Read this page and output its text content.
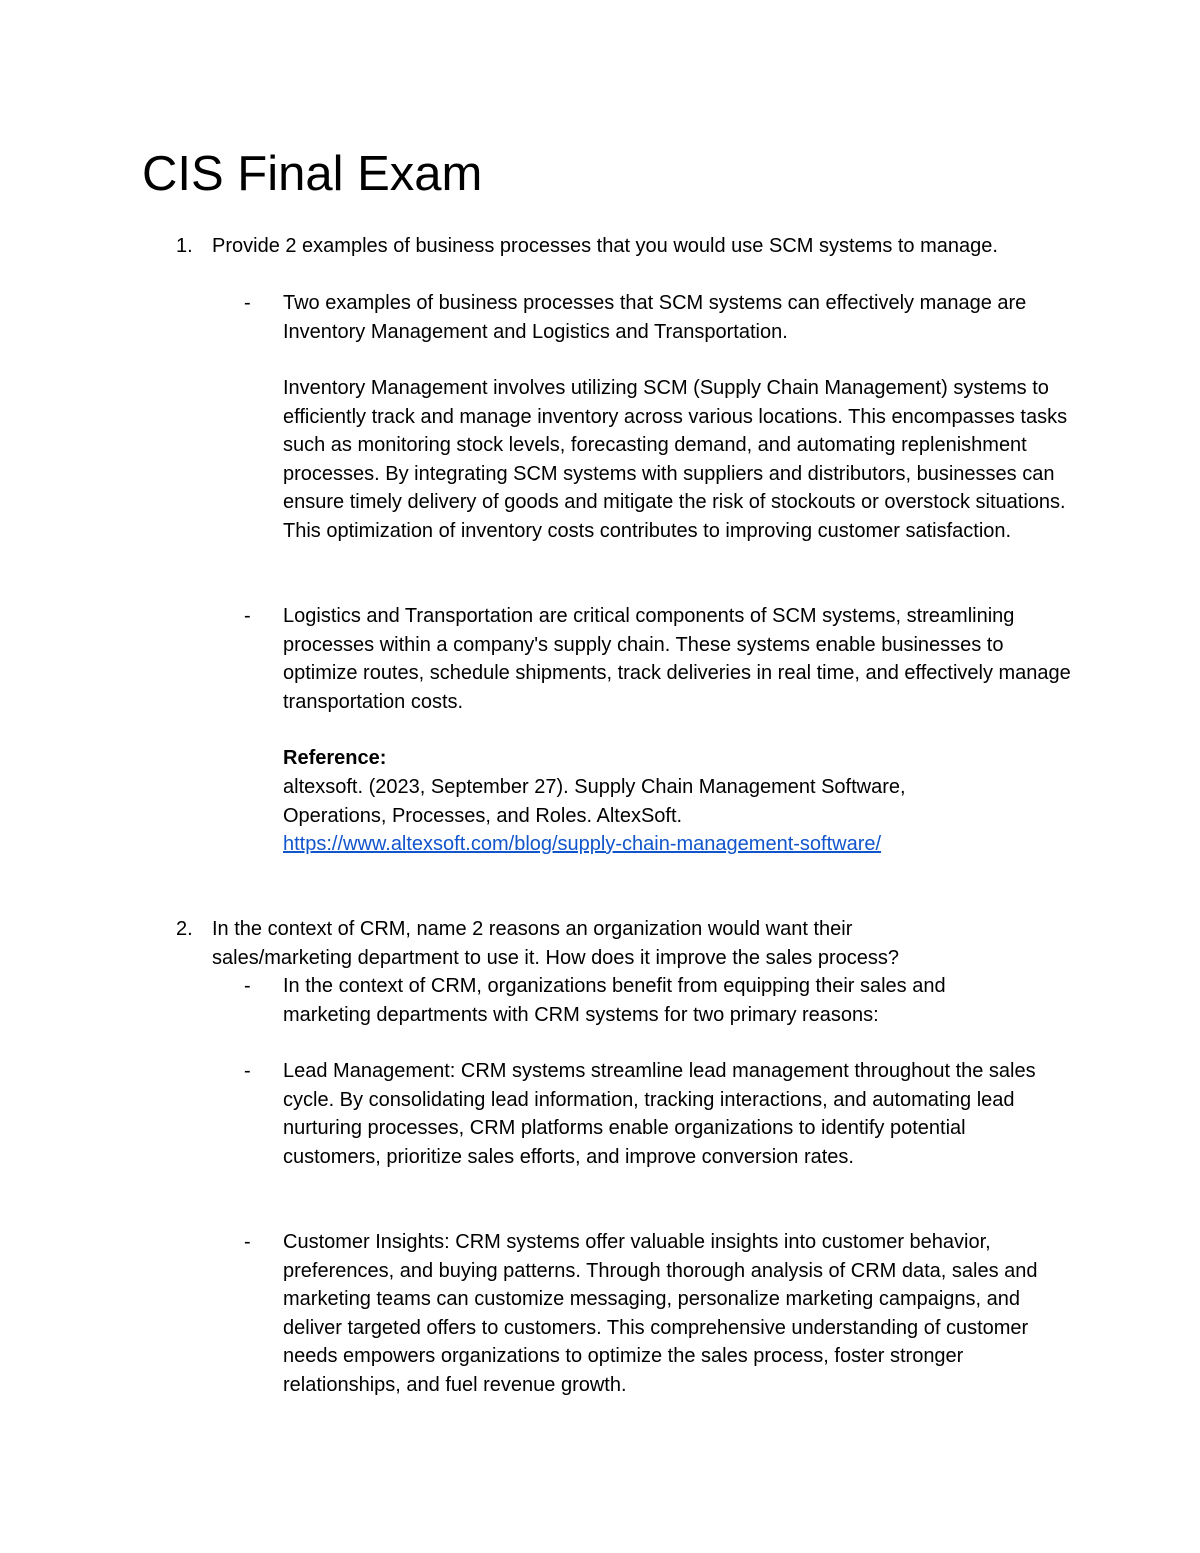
CIS Final Exam
1. Provide 2 examples of business processes that you would use SCM systems to manage.
- Two examples of business processes that SCM systems can effectively manage are Inventory Management and Logistics and Transportation.
Inventory Management involves utilizing SCM (Supply Chain Management) systems to efficiently track and manage inventory across various locations. This encompasses tasks such as monitoring stock levels, forecasting demand, and automating replenishment processes. By integrating SCM systems with suppliers and distributors, businesses can ensure timely delivery of goods and mitigate the risk of stockouts or overstock situations. This optimization of inventory costs contributes to improving customer satisfaction.
- Logistics and Transportation are critical components of SCM systems, streamlining processes within a company's supply chain. These systems enable businesses to optimize routes, schedule shipments, track deliveries in real time, and effectively manage transportation costs.
Reference:
altexsoft. (2023, September 27). Supply Chain Management Software, Operations, Processes, and Roles. AltexSoft.
https://www.altexsoft.com/blog/supply-chain-management-software/
2. In the context of CRM, name 2 reasons an organization would want their sales/marketing department to use it. How does it improve the sales process?
- In the context of CRM, organizations benefit from equipping their sales and marketing departments with CRM systems for two primary reasons:
- Lead Management: CRM systems streamline lead management throughout the sales cycle. By consolidating lead information, tracking interactions, and automating lead nurturing processes, CRM platforms enable organizations to identify potential customers, prioritize sales efforts, and improve conversion rates.
- Customer Insights: CRM systems offer valuable insights into customer behavior, preferences, and buying patterns. Through thorough analysis of CRM data, sales and marketing teams can customize messaging, personalize marketing campaigns, and deliver targeted offers to customers. This comprehensive understanding of customer needs empowers organizations to optimize the sales process, foster stronger relationships, and fuel revenue growth.
